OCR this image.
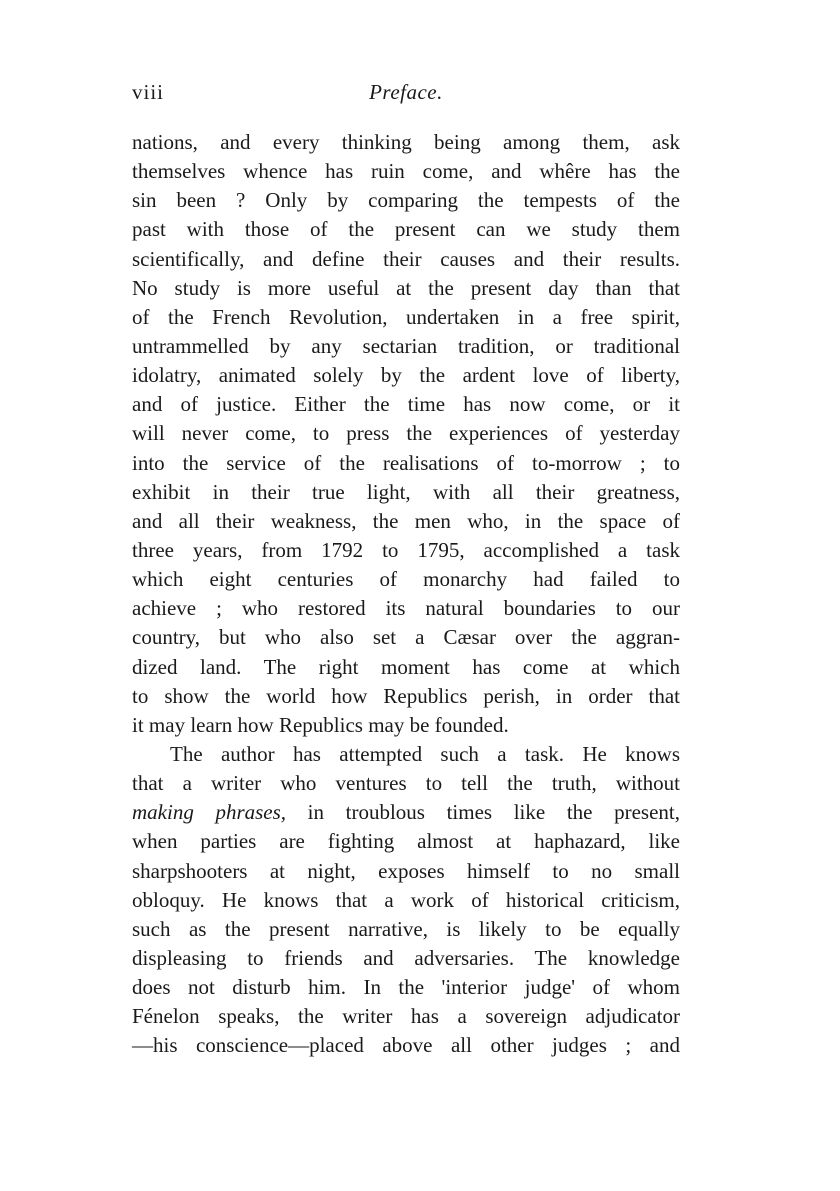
viii	Preface.
nations, and every thinking being among them, ask
themselves whence has ruin come, and whêre has the
sin been ? Only by comparing the tempests of the
past with those of the present can we study them
scientifically, and define their causes and their results.
No study is more useful at the present day than that
of the French Revolution, undertaken in a free spirit,
untrammelled by any sectarian tradition, or traditional
idolatry, animated solely by the ardent love of liberty,
and of justice. Either the time has now come, or it
will never come, to press the experiences of yesterday
into the service of the realisations of to-morrow ; to
exhibit in their true light, with all their greatness,
and all their weakness, the men who, in the space of
three years, from 1792 to 1795, accomplished a task
which eight centuries of monarchy had failed to
achieve ; who restored its natural boundaries to our
country, but who also set a Cæsar over the aggran-
dized land. The right moment has come at which
to show the world how Republics perish, in order that
it may learn how Republics may be founded.
The author has attempted such a task. He knows
that a writer who ventures to tell the truth, without
making phrases, in troublous times like the present,
when parties are fighting almost at haphazard, like
sharpshooters at night, exposes himself to no small
obloquy. He knows that a work of historical criticism,
such as the present narrative, is likely to be equally
displeasing to friends and adversaries. The knowledge
does not disturb him. In the 'interior judge' of whom
Fénelon speaks, the writer has a sovereign adjudicator
—his conscience—placed above all other judges ; and
